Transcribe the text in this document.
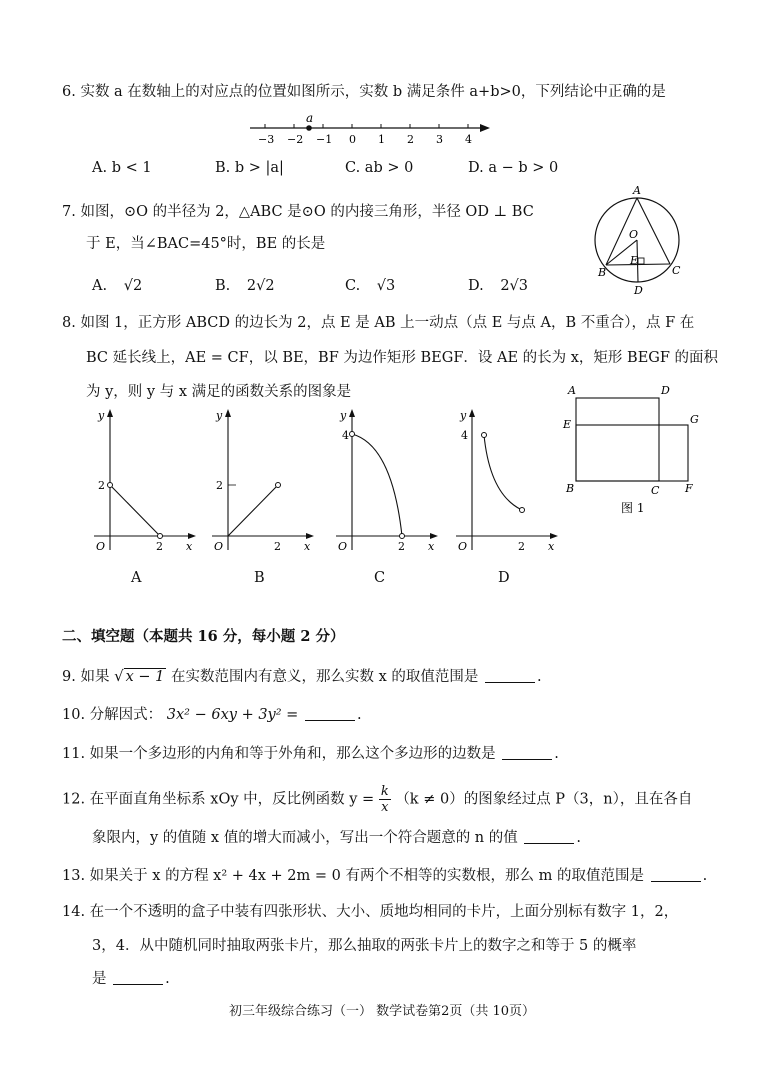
6. 实数 a 在数轴上的对应点的位置如图所示，实数 b 满足条件 a+b>0，下列结论中正确的是
−3 −2 −1 0 1 2 3 4
a
A. b < 1	B. b > |a|	C. ab > 0	D. a − b > 0
7. 如图，⊙O 的半径为 2，△ABC 是⊙O 的内接三角形，半径 OD ⊥ BC
于 E，当∠BAC=45°时，BE 的长是
A. √2	B. 2√2	C. √3	D. 2√3
A
O
B
E
C
D
8. 如图 1，正方形 ABCD 的边长为 2，点 E 是 AB 上一动点（点 E 与点 A，B 不重合），点 F 在
BC 延长线上，AE = CF，以 BE，BF 为边作矩形 BEGF．设 AE 的长为 x，矩形 BEGF 的面积
为 y，则 y 与 x 满足的函数关系的图象是
y
x
O
2
2
A
y
x
O
2
2
B
y
x
O
4
2
C
y
x
O
4
2
D
A	D
E	G
B	C F
图 1
二、填空题（本题共 16 分，每小题 2 分）
9. 如果 √ x − 1 在实数范围内有意义，那么实数 x 的取值范围是	.
10. 分解因式： 3x² − 6xy + 3y² =	.
11. 如果一个多边形的内角和等于外角和，那么这个多边形的边数是	.
12. 在平面直角坐标系 xOy 中，反比例函数 $y = \frac{k}{x} (k \ne 0)$的图象经过点 P（3，n），且在各自
象限内，y 的值随 x 值的增大而减小，写出一个符合题意的 n 的值	.
13. 如果关于 x 的方程 x² + 4x + 2m = 0 有两个不相等的实数根，那么 m 的取值范围是	.
14. 在一个不透明的盒子中装有四张形状、大小、质地均相同的卡片，上面分别标有数字 1，2，
3，4．从中随机同时抽取两张卡片，那么抽取的两张卡片上的数字之和等于 5 的概率
是	.
初三年级综合练习（一） 数学试卷第2页（共 10页）
